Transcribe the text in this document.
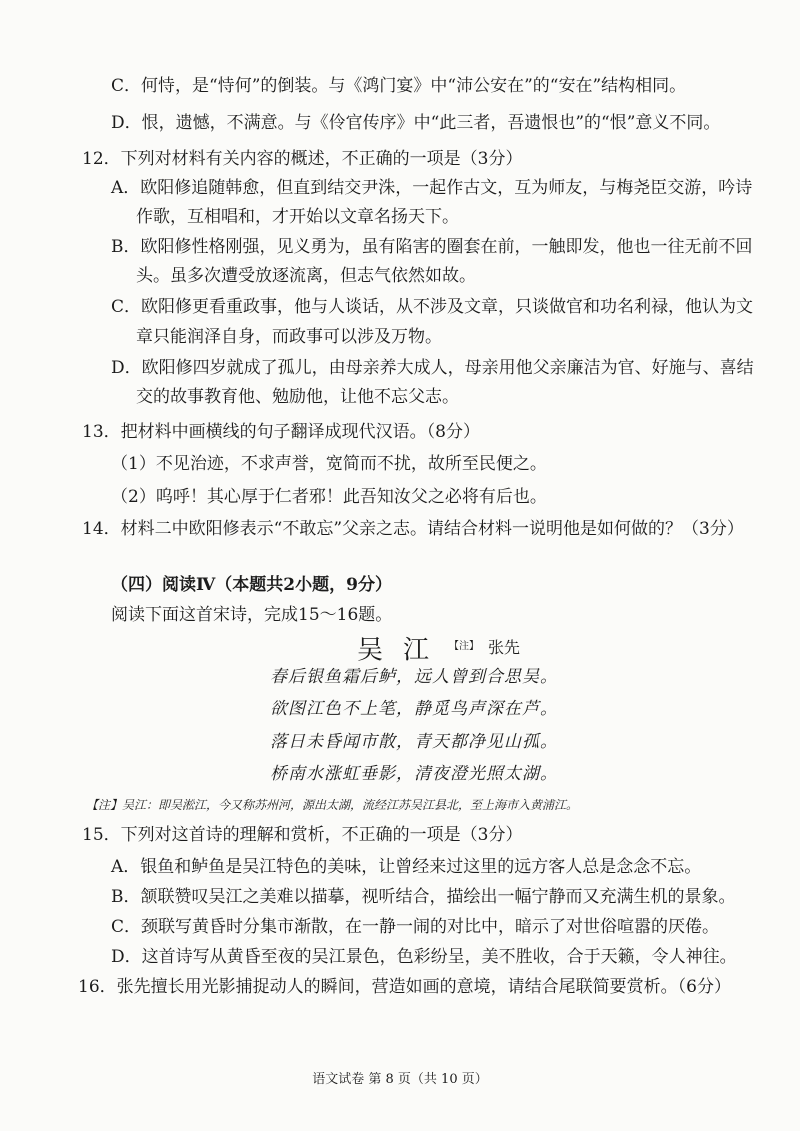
C．何恃，是“恃何”的倒装。与《鸿门宴》中“沛公安在”的“安在”结构相同。
D．恨，遗憾，不满意。与《伶官传序》中“此三者，吾遗恨也”的“恨”意义不同。
12．下列对材料有关内容的概述，不正确的一项是（3分）
A．欧阳修追随韩愈，但直到结交尹洙，一起作古文，互为师友，与梅尧臣交游，吟诗
作歌，互相唱和，才开始以文章名扬天下。
B．欧阳修性格刚强，见义勇为，虽有陷害的圈套在前，一触即发，他也一往无前不回
头。虽多次遭受放逐流离，但志气依然如故。
C．欧阳修更看重政事，他与人谈话，从不涉及文章，只谈做官和功名利禄，他认为文
章只能润泽自身，而政事可以涉及万物。
D．欧阳修四岁就成了孤儿，由母亲养大成人，母亲用他父亲廉洁为官、好施与、喜结
交的故事教育他、勉励他，让他不忘父志。
13．把材料中画横线的句子翻译成现代汉语。（8分）
（1）不见治迹，不求声誉，宽简而不扰，故所至民便之。
（2）呜呼！其心厚于仁者邪！此吾知汝父之必将有后也。
14．材料二中欧阳修表示“不敢忘”父亲之志。请结合材料一说明他是如何做的？（3分）
（四）阅读Ⅳ（本题共2小题，9分）
阅读下面这首宋诗，完成15～16题。
吴江$^{【注】}$ 张先
春后银鱼霜后鲈，远人曾到合思吴。
欲图江色不上笔，静觅鸟声深在芦。
落日未昏闻市散，青天都净见山孤。
桥南水涨虹垂影，清夜澄光照太湖。
【注】吴江：即吴淞江，今又称苏州河，源出太湖，流经江苏吴江县北，至上海市入黄浦江。
15．下列对这首诗的理解和赏析，不正确的一项是（3分）
A．银鱼和鲈鱼是吴江特色的美味，让曾经来过这里的远方客人总是念念不忘。
B．颔联赞叹吴江之美难以描摹，视听结合，描绘出一幅宁静而又充满生机的景象。
C．颈联写黄昏时分集市渐散，在一静一闹的对比中，暗示了对世俗喧嚣的厌倦。
D．这首诗写从黄昏至夜的吴江景色，色彩纷呈，美不胜收，合于天籁，令人神往。
16．张先擅长用光影捕捉动人的瞬间，营造如画的意境，请结合尾联简要赏析。（6分）
语文试卷 第 8 页（共 10 页）
